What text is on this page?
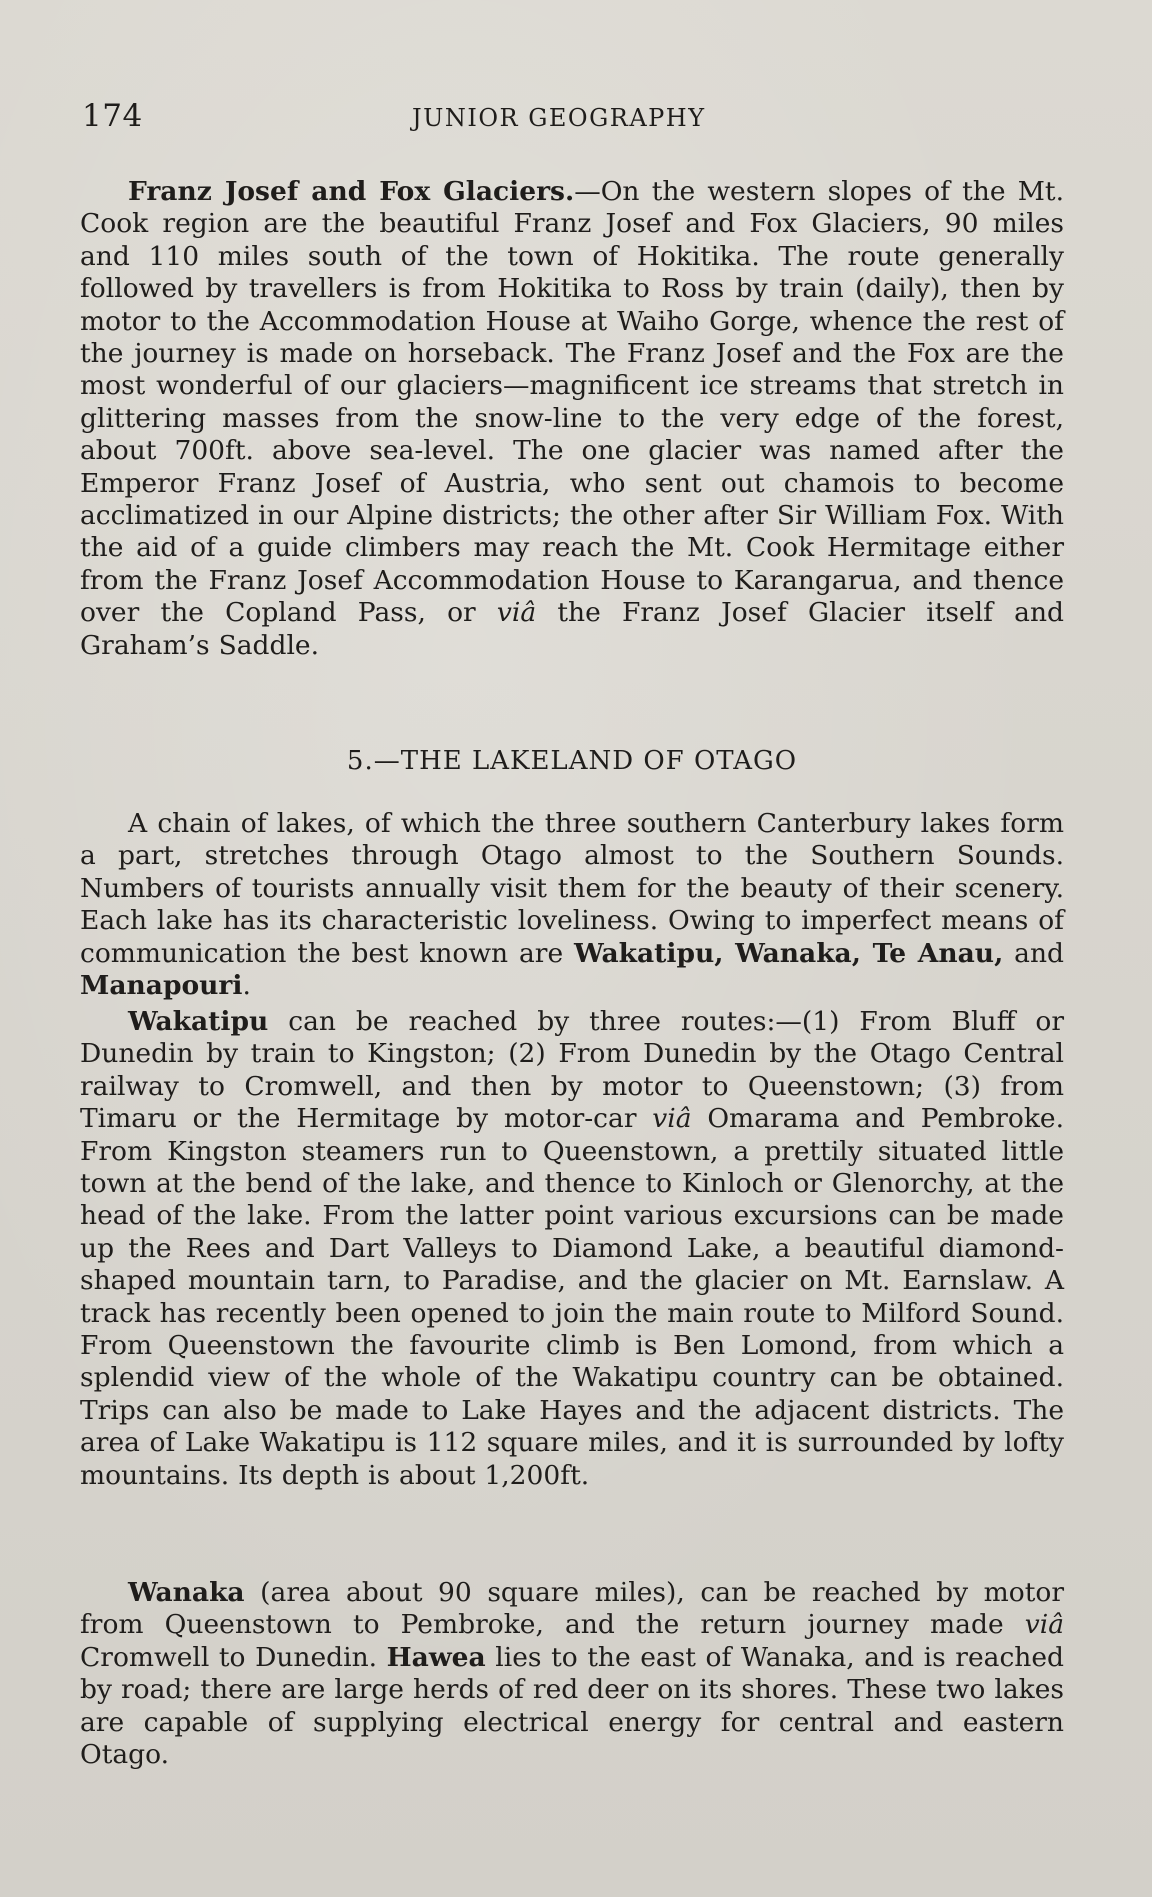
174	JUNIOR GEOGRAPHY

Franz Josef and Fox Glaciers.—On the western slopes of the Mt. Cook region are the beautiful Franz Josef and Fox Glaciers, 90 miles and 110 miles south of the town of Hokitika. The route generally followed by travellers is from Hokitika to Ross by train (daily), then by motor to the Accommodation House at Waiho Gorge, whence the rest of the journey is made on horseback. The Franz Josef and the Fox are the most wonderful of our glaciers—magnificent ice streams that stretch in glittering masses from the snow-line to the very edge of the forest, about 700ft. above sea-level. The one glacier was named after the Emperor Franz Josef of Austria, who sent out chamois to become acclimatized in our Alpine districts; the other after Sir William Fox. With the aid of a guide climbers may reach the Mt. Cook Hermitage either from the Franz Josef Accommodation House to Karangarua, and thence over the Copland Pass, or viâ the Franz Josef Glacier itself and Graham’s Saddle.

5.—THE LAKELAND OF OTAGO

A chain of lakes, of which the three southern Canterbury lakes form a part, stretches through Otago almost to the Southern Sounds. Numbers of tourists annually visit them for the beauty of their scenery. Each lake has its characteristic loveliness. Owing to imperfect means of communication the best known are Wakatipu, Wanaka, Te Anau, and Manapouri.

Wakatipu can be reached by three routes:—(1) From Bluff or Dunedin by train to Kingston; (2) From Dunedin by the Otago Central railway to Cromwell, and then by motor to Queenstown; (3) from Timaru or the Hermitage by motor-car viâ Omarama and Pembroke. From Kingston steamers run to Queenstown, a prettily situated little town at the bend of the lake, and thence to Kinloch or Glenorchy, at the head of the lake. From the latter point various excursions can be made up the Rees and Dart Valleys to Diamond Lake, a beautiful diamond-shaped mountain tarn, to Paradise, and the glacier on Mt. Earnslaw. A track has recently been opened to join the main route to Milford Sound. From Queenstown the favourite climb is Ben Lomond, from which a splendid view of the whole of the Wakatipu country can be obtained. Trips can also be made to Lake Hayes and the adjacent districts. The area of Lake Wakatipu is 112 square miles, and it is surrounded by lofty mountains. Its depth is about 1,200ft.

Wanaka (area about 90 square miles), can be reached by motor from Queenstown to Pembroke, and the return journey made viâ Cromwell to Dunedin. Hawea lies to the east of Wanaka, and is reached by road; there are large herds of red deer on its shores. These two lakes are capable of supplying electrical energy for central and eastern Otago.
